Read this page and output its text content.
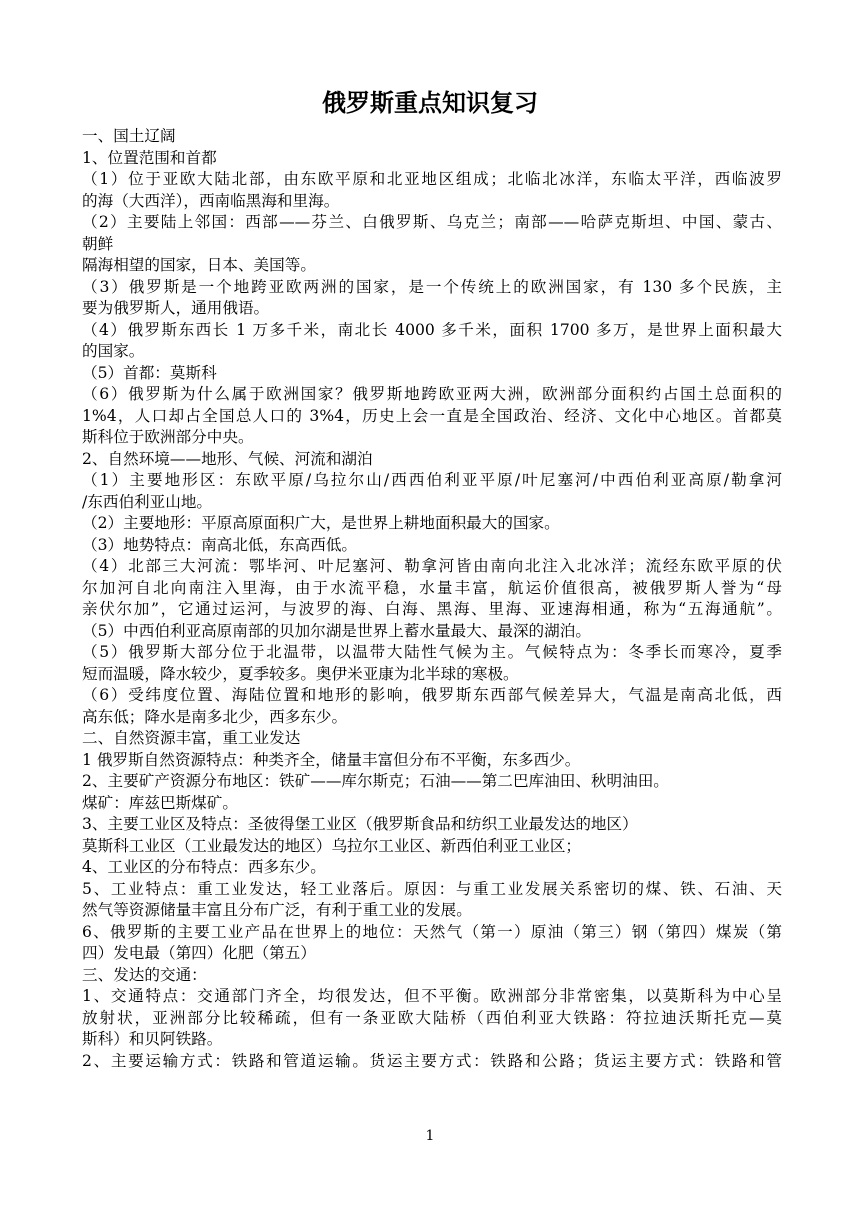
俄罗斯重点知识复习
一、国土辽阔
1、位置范围和首都
（1）位于亚欧大陆北部，由东欧平原和北亚地区组成；北临北冰洋，东临太平洋，西临波罗
的海（大西洋），西南临黑海和里海。
（2）主要陆上邻国：西部——芬兰、白俄罗斯、乌克兰；南部——哈萨克斯坦、中国、蒙古、
朝鲜
隔海相望的国家，日本、美国等。
（3）俄罗斯是一个地跨亚欧两洲的国家，是一个传统上的欧洲国家，有 130 多个民族，主
要为俄罗斯人，通用俄语。
（4）俄罗斯东西长 1 万多千米，南北长 4000 多千米，面积 1700 多万，是世界上面积最大
的国家。
（5）首都：莫斯科
（6）俄罗斯为什么属于欧洲国家？俄罗斯地跨欧亚两大洲，欧洲部分面积约占国土总面积的
1%4，人口却占全国总人口的 3%4，历史上会一直是全国政治、经济、文化中心地区。首都莫
斯科位于欧洲部分中央。
2、自然环境——地形、气候、河流和湖泊
（1）主要地形区：东欧平原/乌拉尔山/西西伯利亚平原/叶尼塞河/中西伯利亚高原/勒拿河
/东西伯利亚山地。
（2）主要地形：平原高原面积广大，是世界上耕地面积最大的国家。
（3）地势特点：南高北低，东高西低。
（4）北部三大河流：鄂毕河、叶尼塞河、勒拿河皆由南向北注入北冰洋；流经东欧平原的伏
尔加河自北向南注入里海，由于水流平稳，水量丰富，航运价值很高，被俄罗斯人誉为“母
亲伏尔加”，它通过运河，与波罗的海、白海、黑海、里海、亚速海相通，称为“五海通航”。
（5）中西伯利亚高原南部的贝加尔湖是世界上蓄水量最大、最深的湖泊。
（5）俄罗斯大部分位于北温带，以温带大陆性气候为主。气候特点为：冬季长而寒冷，夏季
短而温暖，降水较少，夏季较多。奥伊米亚康为北半球的寒极。
（6）受纬度位置、海陆位置和地形的影响，俄罗斯东西部气候差异大，气温是南高北低，西
高东低；降水是南多北少，西多东少。
二、自然资源丰富，重工业发达
1 俄罗斯自然资源特点：种类齐全，储量丰富但分布不平衡，东多西少。
2、主要矿产资源分布地区：铁矿——库尔斯克；石油——第二巴库油田、秋明油田。
煤矿：库兹巴斯煤矿。
3、主要工业区及特点：圣彼得堡工业区（俄罗斯食品和纺织工业最发达的地区）
莫斯科工业区（工业最发达的地区）乌拉尔工业区、新西伯利亚工业区；
4、工业区的分布特点：西多东少。
5、工业特点：重工业发达，轻工业落后。原因：与重工业发展关系密切的煤、铁、石油、天
然气等资源储量丰富且分布广泛，有利于重工业的发展。
6、俄罗斯的主要工业产品在世界上的地位：天然气（第一）原油（第三）钢（第四）煤炭（第
四）发电最（第四）化肥（第五）
三、发达的交通：
1、交通特点：交通部门齐全，均很发达，但不平衡。欧洲部分非常密集，以莫斯科为中心呈
放射状，亚洲部分比较稀疏，但有一条亚欧大陆桥（西伯利亚大铁路：符拉迪沃斯托克—莫
斯科）和贝阿铁路。
2、主要运输方式：铁路和管道运输。货运主要方式：铁路和公路；货运主要方式：铁路和管
1
